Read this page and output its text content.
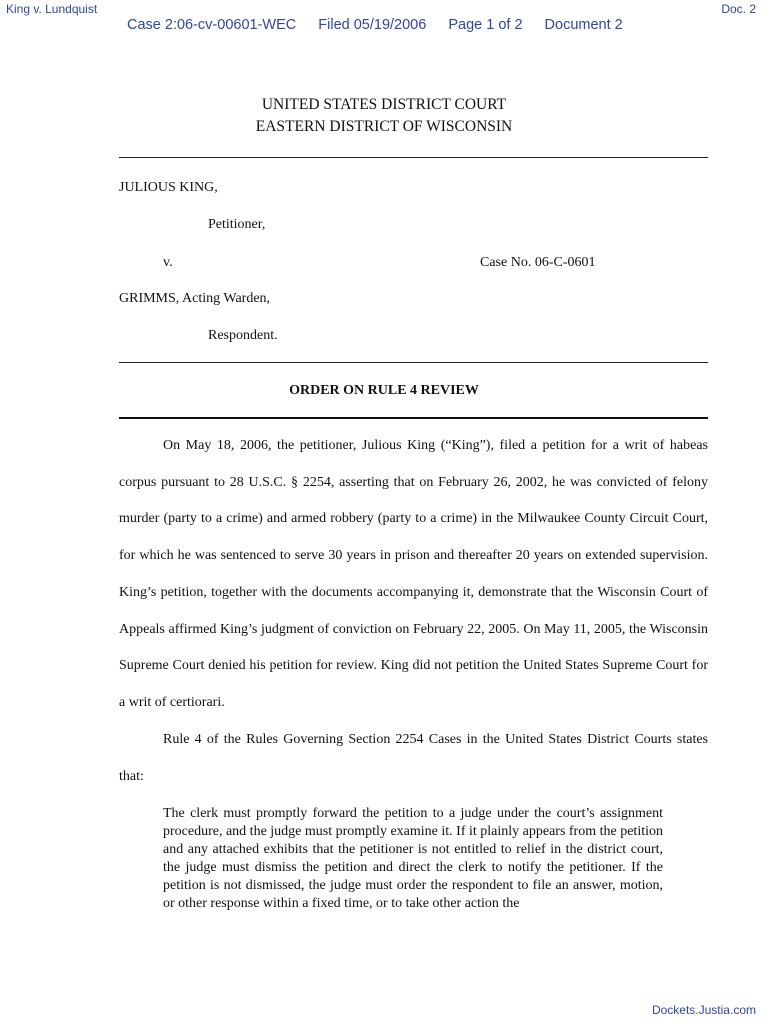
King v. Lundquist	Doc. 2
Case 2:06-cv-00601-WEC Filed 05/19/2006 Page 1 of 2 Document 2
UNITED STATES DISTRICT COURT
EASTERN DISTRICT OF WISCONSIN
JULIOUS KING,
Petitioner,
v.	Case No. 06-C-0601
GRIMMS, Acting Warden,
Respondent.
ORDER ON RULE 4 REVIEW

On May 18, 2006, the petitioner, Julious King (“King”), filed a petition for a writ of habeas corpus pursuant to 28 U.S.C. § 2254, asserting that on February 26, 2002, he was convicted of felony murder (party to a crime) and armed robbery (party to a crime) in the Milwaukee County Circuit Court, for which he was sentenced to serve 30 years in prison and thereafter 20 years on extended supervision. King’s petition, together with the documents accompanying it, demonstrate that the Wisconsin Court of Appeals affirmed King’s judgment of conviction on February 22, 2005. On May 11, 2005, the Wisconsin Supreme Court denied his petition for review. King did not petition the United States Supreme Court for a writ of certiorari.

Rule 4 of the Rules Governing Section 2254 Cases in the United States District Courts states that:

The clerk must promptly forward the petition to a judge under the court’s assignment procedure, and the judge must promptly examine it. If it plainly appears from the petition and any attached exhibits that the petitioner is not entitled to relief in the district court, the judge must dismiss the petition and direct the clerk to notify the petitioner. If the petition is not dismissed, the judge must order the respondent to file an answer, motion, or other response within a fixed time, or to take other action the

Dockets.Justia.com
